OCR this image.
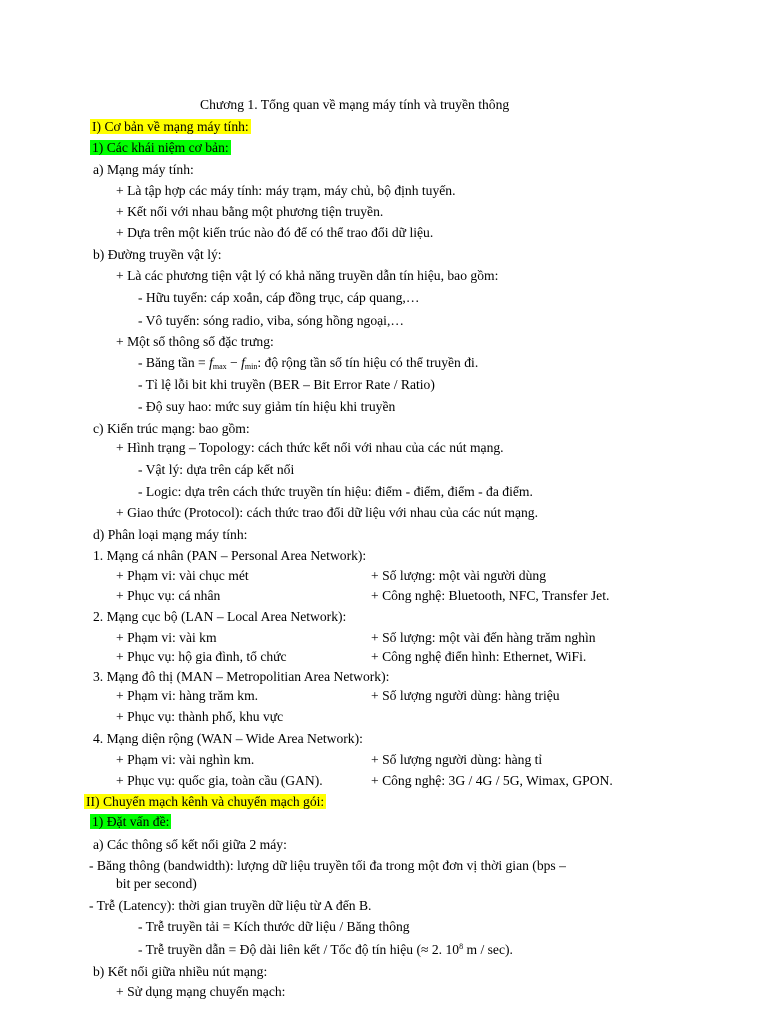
Chương 1. Tổng quan về mạng máy tính và truyền thông
I) Cơ bản về mạng máy tính:
1) Các khái niệm cơ bản:
a) Mạng máy tính:
+ Là tập hợp các máy tính: máy trạm, máy chủ, bộ định tuyến.
+ Kết nối với nhau bằng một phương tiện truyền.
+ Dựa trên một kiến trúc nào đó để có thể trao đổi dữ liệu.
b) Đường truyền vật lý:
+ Là các phương tiện vật lý có khả năng truyền dẫn tín hiệu, bao gồm:
- Hữu tuyến: cáp xoắn, cáp đồng trục, cáp quang,…
- Vô tuyến: sóng radio, viba, sóng hồng ngoại,…
+ Một số thông số đặc trưng:
- Băng tần = $f_{max} - f_{min}$: độ rộng tần số tín hiệu có thể truyền đi.
- Tỉ lệ lỗi bit khi truyền (BER – Bit Error Rate / Ratio)
- Độ suy hao: mức suy giảm tín hiệu khi truyền
c) Kiến trúc mạng: bao gồm:
+ Hình trạng – Topology: cách thức kết nối với nhau của các nút mạng.
- Vật lý: dựa trên cáp kết nối
- Logic: dựa trên cách thức truyền tín hiệu: điểm - điểm, điểm - đa điểm.
+ Giao thức (Protocol): cách thức trao đổi dữ liệu với nhau của các nút mạng.
d) Phân loại mạng máy tính:
1. Mạng cá nhân (PAN – Personal Area Network):
+ Phạm vi: vài chục mét	+ Số lượng: một vài người dùng
+ Phục vụ: cá nhân	+ Công nghệ: Bluetooth, NFC, Transfer Jet.
2. Mạng cục bộ (LAN – Local Area Network):
+ Phạm vi: vài km	+ Số lượng: một vài đến hàng trăm nghìn
+ Phục vụ: hộ gia đình, tổ chức	+ Công nghệ điển hình: Ethernet, WiFi.
3. Mạng đô thị (MAN – Metropolitian Area Network):
+ Phạm vi: hàng trăm km.	+ Số lượng người dùng: hàng triệu
+ Phục vụ: thành phố, khu vực
4. Mạng diện rộng (WAN – Wide Area Network):
+ Phạm vi: vài nghìn km.	+ Số lượng người dùng: hàng tỉ
+ Phục vụ: quốc gia, toàn cầu (GAN).	+ Công nghệ: 3G / 4G / 5G, Wimax, GPON.
II) Chuyển mạch kênh và chuyển mạch gói:
1) Đặt vấn đề:
a) Các thông số kết nối giữa 2 máy:
- Băng thông (bandwidth): lượng dữ liệu truyền tối đa trong một đơn vị thời gian (bps –
bit per second)
- Trễ (Latency): thời gian truyền dữ liệu từ A đến B.
- Trễ truyền tải = Kích thước dữ liệu / Băng thông
- Trễ truyền dẫn = Độ dài liên kết / Tốc độ tín hiệu (≈ 2. $10^8$ m / sec).
b) Kết nối giữa nhiều nút mạng:
+ Sử dụng mạng chuyển mạch:
